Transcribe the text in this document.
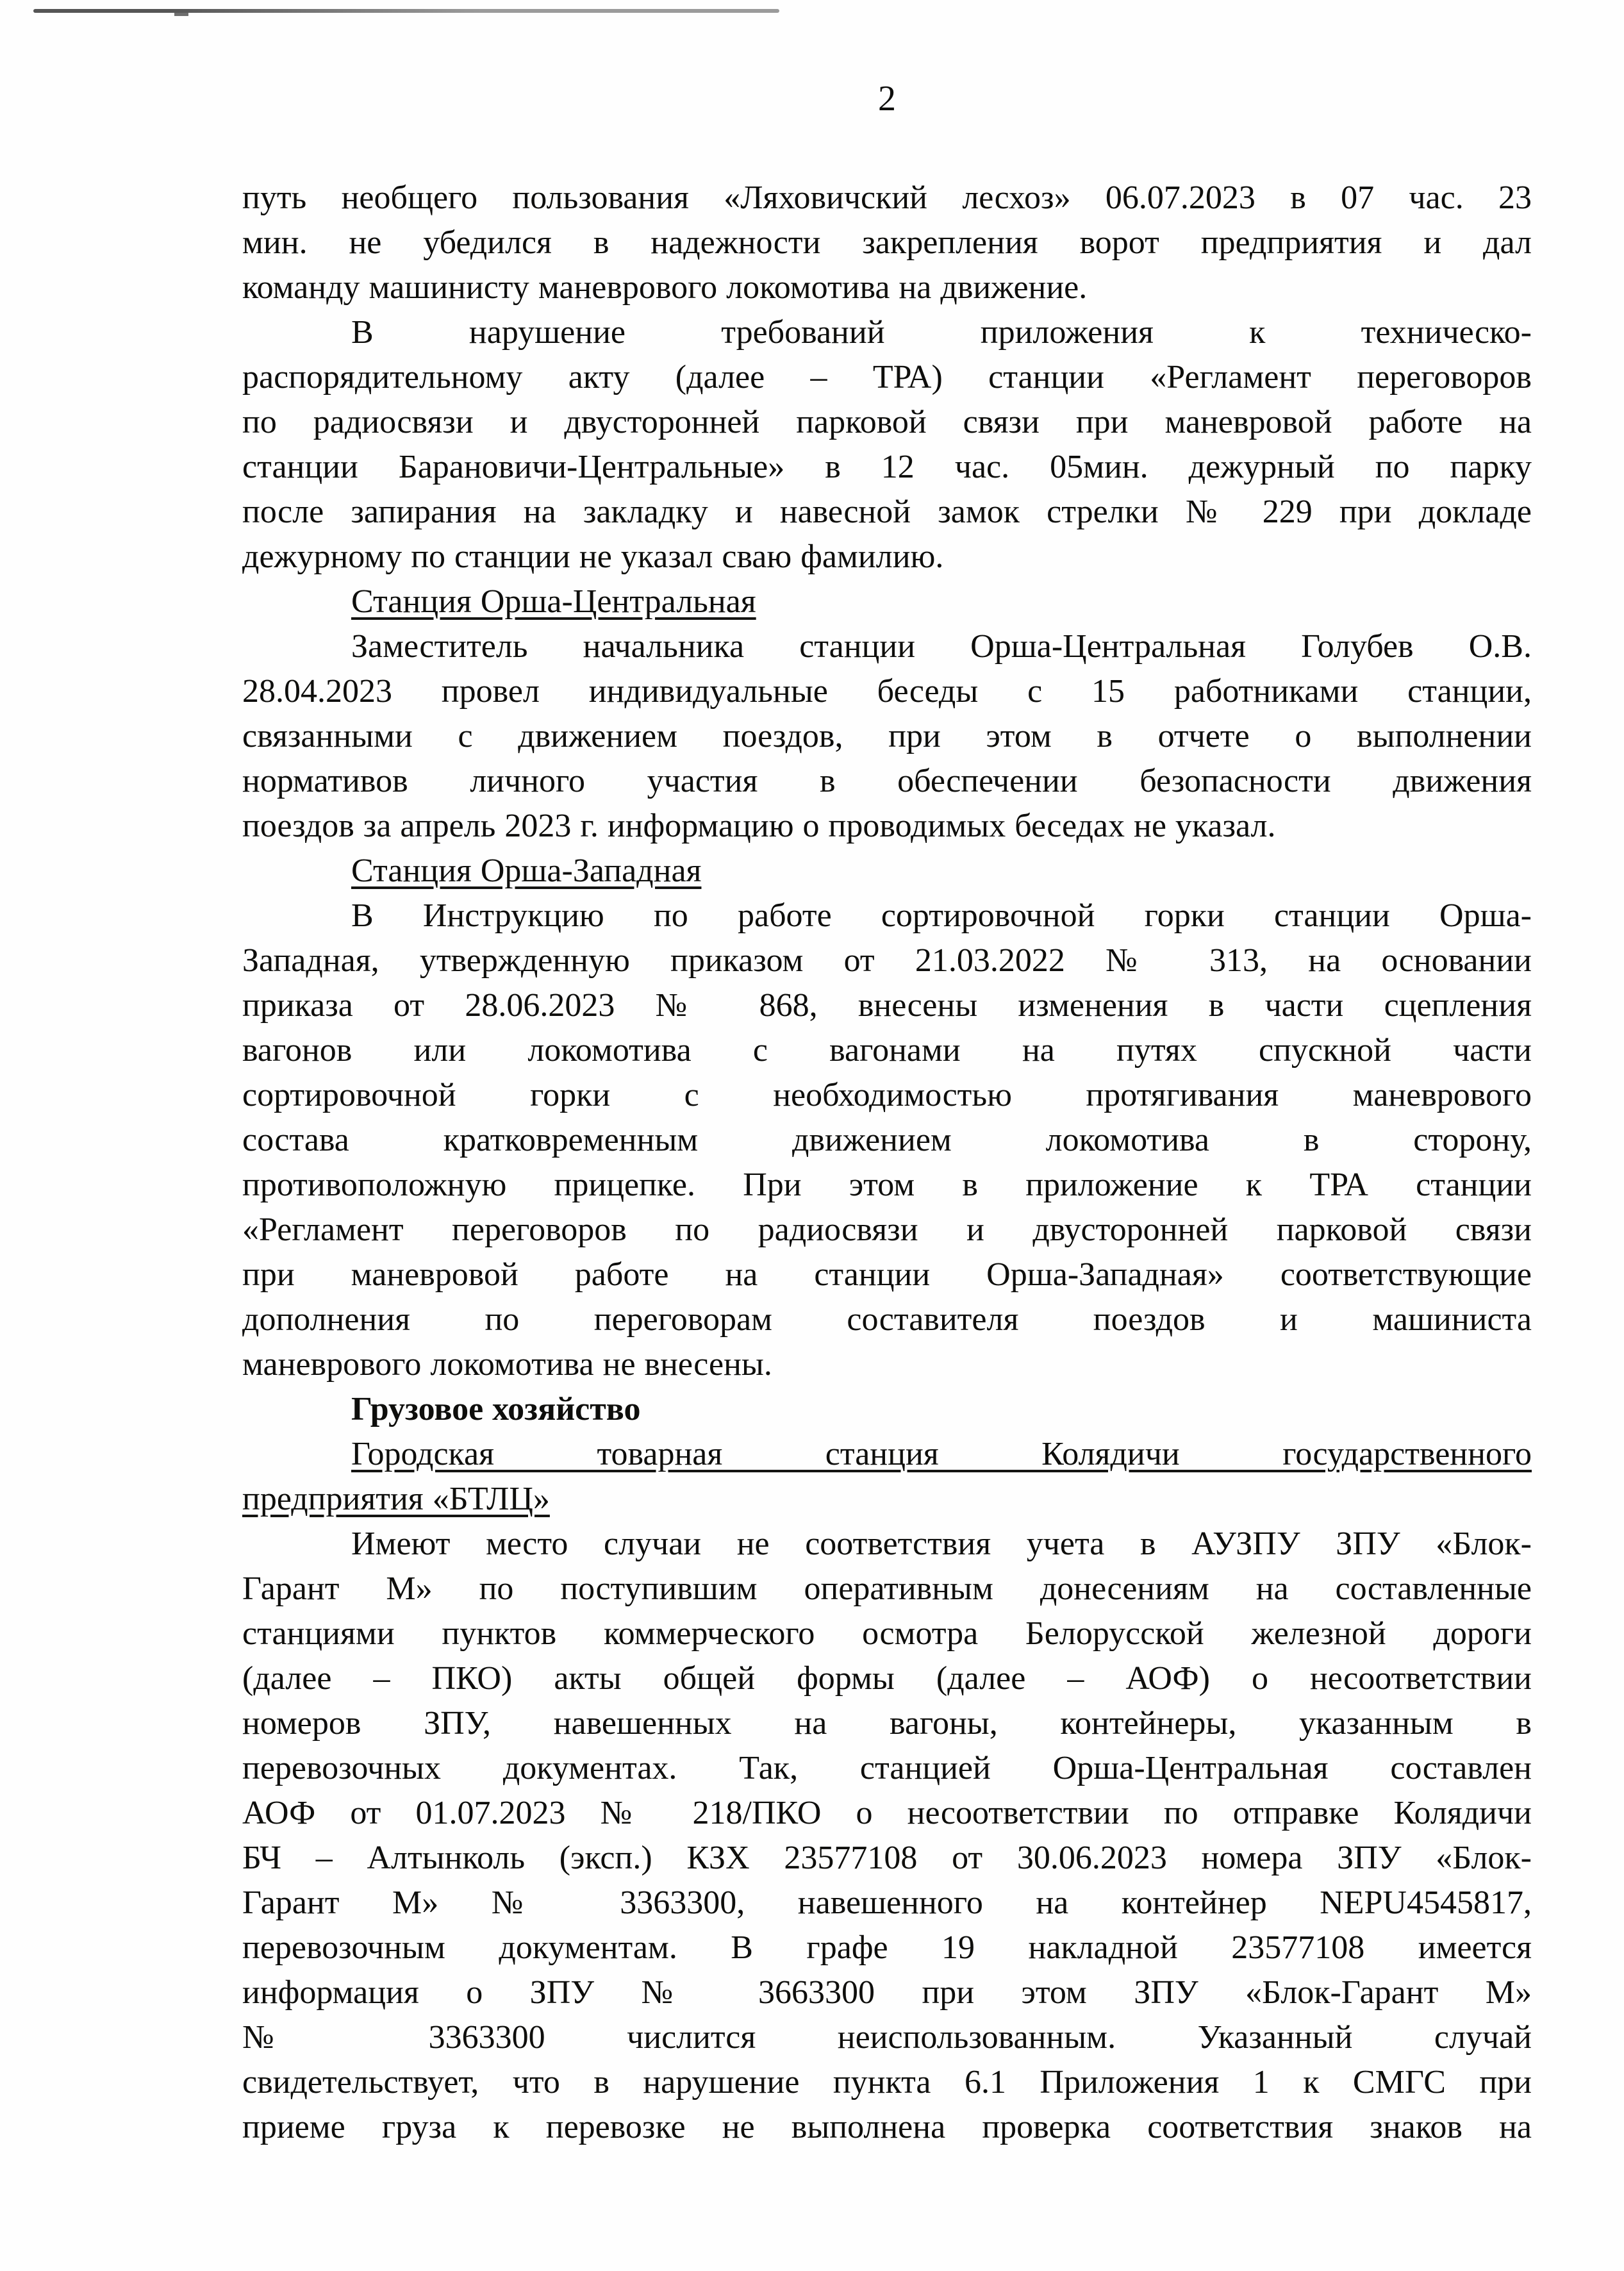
2
путь необщего пользования «Ляховичский лесхоз» 06.07.2023 в 07 час. 23
мин. не убедился в надежности закрепления ворот предприятия и дал
команду машинисту маневрового локомотива на движение.
В нарушение требований приложения к техническо-
распорядительному акту (далее – ТРА) станции «Регламент переговоров
по радиосвязи и двусторонней парковой связи при маневровой работе на
станции Барановичи-Центральные» в 12 час. 05мин. дежурный по парку
после запирания на закладку и навесной замок стрелки № 229 при докладе
дежурному по станции не указал сваю фамилию.
Станция Орша-Центральная
Заместитель начальника станции Орша-Центральная Голубев О.В.
28.04.2023 провел индивидуальные беседы с 15 работниками станции,
связанными с движением поездов, при этом в отчете о выполнении
нормативов личного участия в обеспечении безопасности движения
поездов за апрель 2023 г. информацию о проводимых беседах не указал.
Станция Орша-Западная
В Инструкцию по работе сортировочной горки станции Орша-
Западная, утвержденную приказом от 21.03.2022 № 313, на основании
приказа от 28.06.2023 № 868, внесены изменения в части сцепления
вагонов или локомотива с вагонами на путях спускной части
сортировочной горки с необходимостью протягивания маневрового
состава кратковременным движением локомотива в сторону,
противоположную прицепке. При этом в приложение к ТРА станции
«Регламент переговоров по радиосвязи и двусторонней парковой связи
при маневровой работе на станции Орша-Западная» соответствующие
дополнения по переговорам составителя поездов и машиниста
маневрового локомотива не внесены.
Грузовое хозяйство
Городская товарная станция Колядичи государственного
предприятия «БТЛЦ»
Имеют место случаи не соответствия учета в АУЗПУ ЗПУ «Блок-
Гарант М» по поступившим оперативным донесениям на составленные
станциями пунктов коммерческого осмотра Белорусской железной дороги
(далее – ПКО) акты общей формы (далее – АОФ) о несоответствии
номеров ЗПУ, навешенных на вагоны, контейнеры, указанным в
перевозочных документах. Так, станцией Орша-Центральная составлен
АОФ от 01.07.2023 № 218/ПКО о несоответствии по отправке Колядичи
БЧ – Алтынколь (эксп.) КЗХ 23577108 от 30.06.2023 номера ЗПУ «Блок-
Гарант М» № 3363300, навешенного на контейнер NEPU4545817,
перевозочным документам. В графе 19 накладной 23577108 имеется
информация о ЗПУ № 3663300 при этом ЗПУ «Блок-Гарант М»
№ 3363300 числится неиспользованным. Указанный случай
свидетельствует, что в нарушение пункта 6.1 Приложения 1 к СМГС при
приеме груза к перевозке не выполнена проверка соответствия знаков на
